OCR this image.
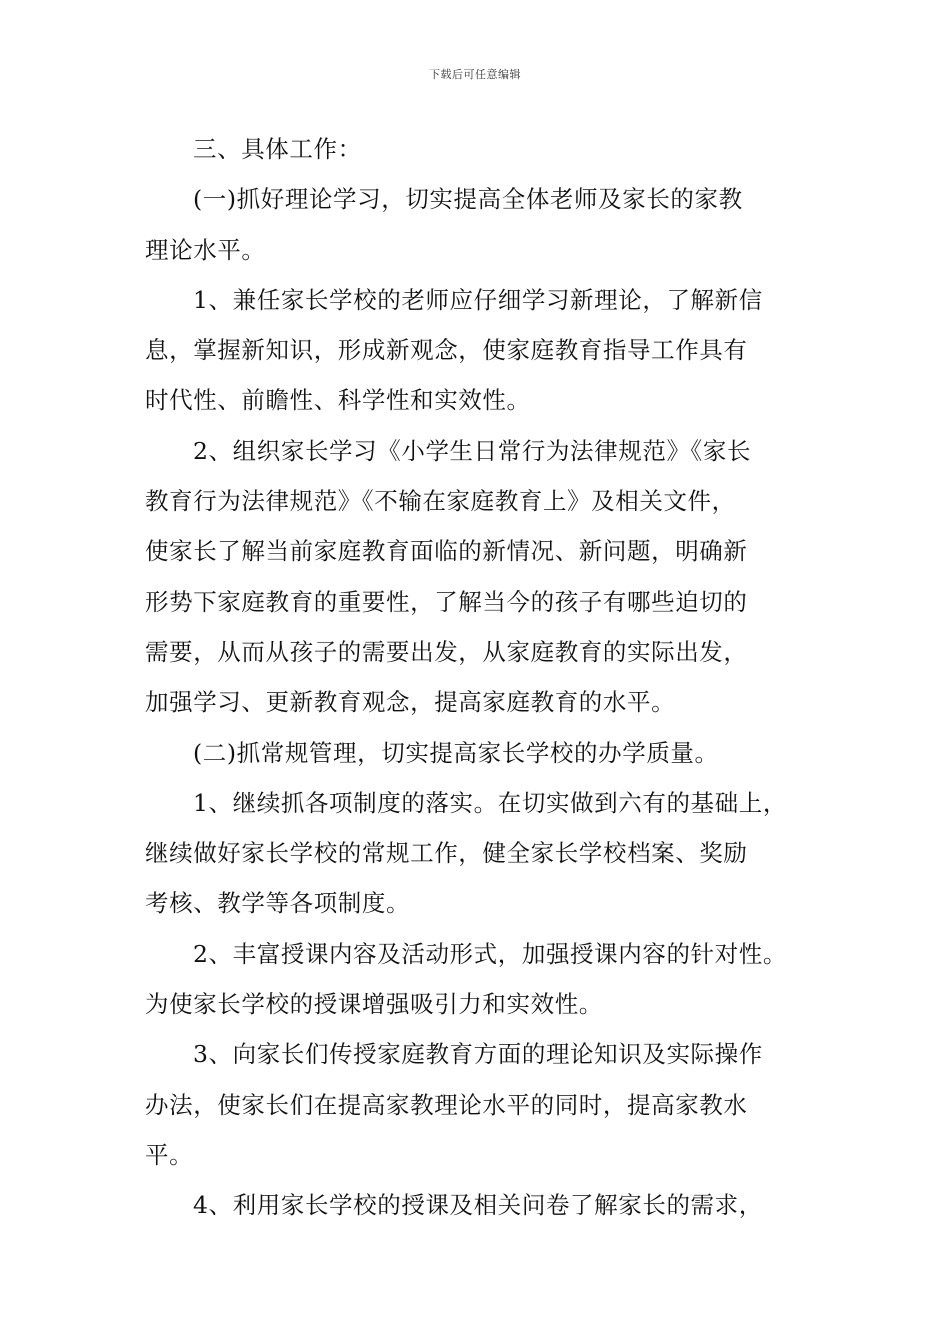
下载后可任意编辑
三、具体工作：
(一)抓好理论学习，切实提高全体老师及家长的家教
理论水平。
1、兼任家长学校的老师应仔细学习新理论，了解新信
息，掌握新知识，形成新观念，使家庭教育指导工作具有
时代性、前瞻性、科学性和实效性。
2、组织家长学习《小学生日常行为法律规范》《家长
教育行为法律规范》《不输在家庭教育上》及相关文件，
使家长了解当前家庭教育面临的新情况、新问题，明确新
形势下家庭教育的重要性，了解当今的孩子有哪些迫切的
需要，从而从孩子的需要出发，从家庭教育的实际出发，
加强学习、更新教育观念，提高家庭教育的水平。
(二)抓常规管理，切实提高家长学校的办学质量。
1、继续抓各项制度的落实。在切实做到六有的基础上，
继续做好家长学校的常规工作，健全家长学校档案、奖励
考核、教学等各项制度。
2、丰富授课内容及活动形式，加强授课内容的针对性。
为使家长学校的授课增强吸引力和实效性。
3、向家长们传授家庭教育方面的理论知识及实际操作
办法，使家长们在提高家教理论水平的同时，提高家教水
平。
4、利用家长学校的授课及相关问卷了解家长的需求，
